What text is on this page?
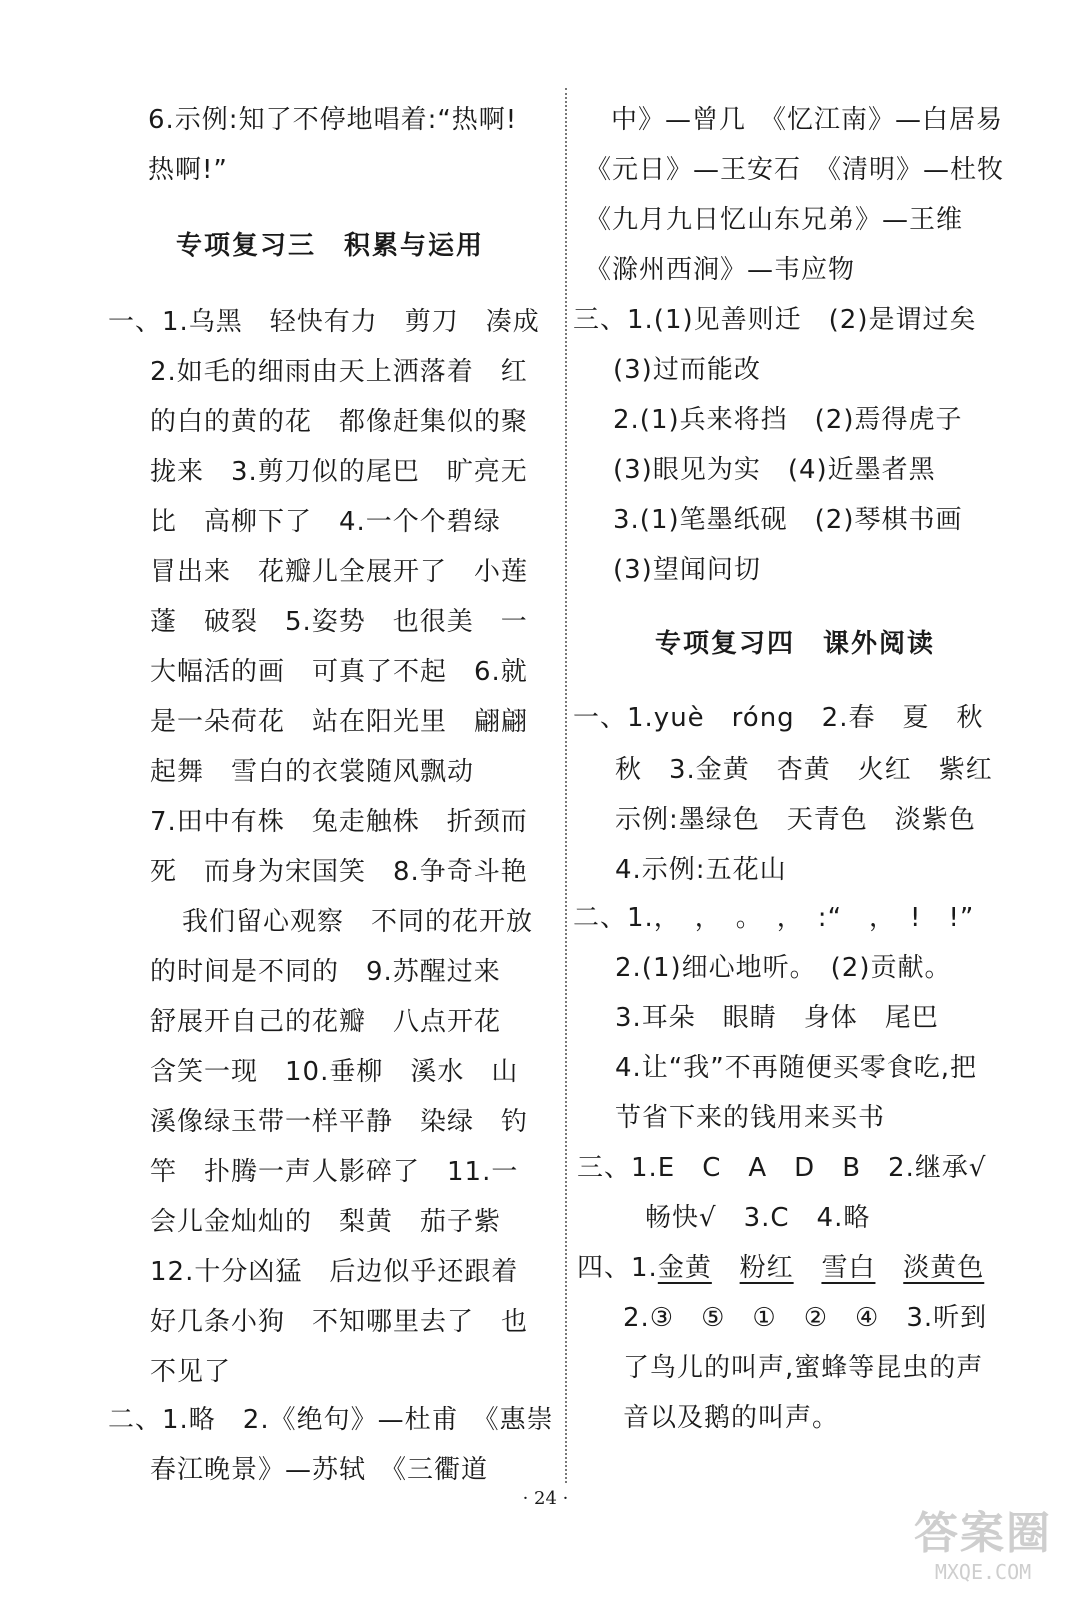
6.示例:知了不停地唱着:“热啊!
热啊!”
专项复习三　积累与运用
一、1.乌黑　轻快有力　剪刀　凑成
2.如毛的细雨由天上洒落着　红
的白的黄的花　都像赶集似的聚
拢来　3.剪刀似的尾巴　旷亮无
比　高柳下了　4.一个个碧绿
冒出来　花瓣儿全展开了　小莲
蓬　破裂　5.姿势　也很美　一
大幅活的画　可真了不起　6.就
是一朵荷花　站在阳光里　翩翩
起舞　雪白的衣裳随风飘动
7.田中有株　兔走触株　折颈而
死　而身为宋国笑　8.争奇斗艳
我们留心观察　不同的花开放
的时间是不同的　9.苏醒过来
舒展开自己的花瓣　八点开花
含笑一现　10.垂柳　溪水　山
溪像绿玉带一样平静　染绿　钓
竿　扑腾一声人影碎了　11.一
会儿金灿灿的　梨黄　茄子紫
12.十分凶猛　后边似乎还跟着
好几条小狗　不知哪里去了　也
不见了
二、1.略　2.《绝句》—杜甫　《惠崇
春江晚景》—苏轼　《三衢道
中》—曾几　《忆江南》—白居易
《元日》—王安石　《清明》—杜牧
《九月九日忆山东兄弟》—王维
《滁州西涧》—韦应物
三、1.(1)见善则迁　(2)是谓过矣
(3)过而能改
2.(1)兵来将挡　(2)焉得虎子
(3)眼见为实　(4)近墨者黑
3.(1)笔墨纸砚　(2)琴棋书画
(3)望闻问切
专项复习四　课外阅读
一、1.yuè　róng　2.春　夏　秋
秋　3.金黄　杏黄　火红　紫红
示例:墨绿色　天青色　淡紫色
4.示例:五花山
二、1.，　，　。　，　:“　，　!　!”
2.(1)细心地听。　(2)贡献。
3.耳朵　眼睛　身体　尾巴
4.让“我”不再随便买零食吃,把
节省下来的钱用来买书
三、1.E　C　A　D　B　2.继承√
畅快√　3.C　4.略
四、1.金黄 粉红 雪白 淡黄色
2.③　⑤　①　②　④　3.听到
了鸟儿的叫声,蜜蜂等昆虫的声
音以及鹅的叫声。
· 24 ·
答案圈
MXQE.COM
